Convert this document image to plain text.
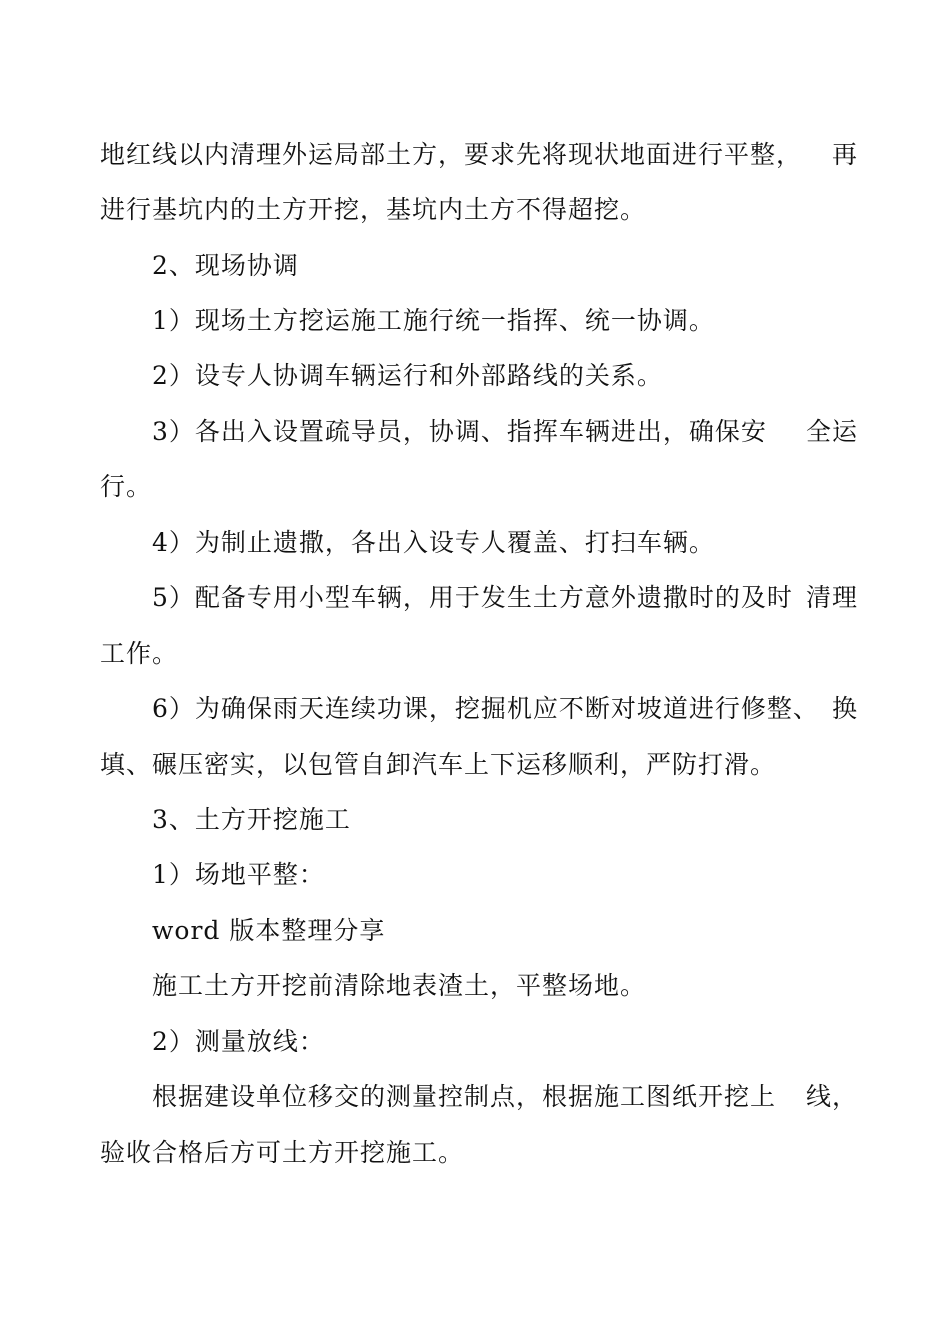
地红线以内清理外运局部土方，要求先将现状地面进行平整， 再
进行基坑内的土方开挖，基坑内土方不得超挖。
2、现场协调
1）现场土方挖运施工施行统一指挥、统一协调。
2）设专人协调车辆运行和外部路线的关系。
3）各出入设置疏导员，协调、指挥车辆进出，确保安 全运
行。
4）为制止遗撒，各出入设专人覆盖、打扫车辆。
5）配备专用小型车辆，用于发生土方意外遗撒时的及时 清理
工作。
6）为确保雨天连续功课，挖掘机应不断对坡道进行修整、 换
填、碾压密实，以包管自卸汽车上下运移顺利，严防打滑。
3、土方开挖施工
1）场地平整：
word 版本整理分享
施工土方开挖前清除地表渣土，平整场地。
2）测量放线：
根据建设单位移交的测量控制点，根据施工图纸开挖上 线，
验收合格后方可土方开挖施工。
